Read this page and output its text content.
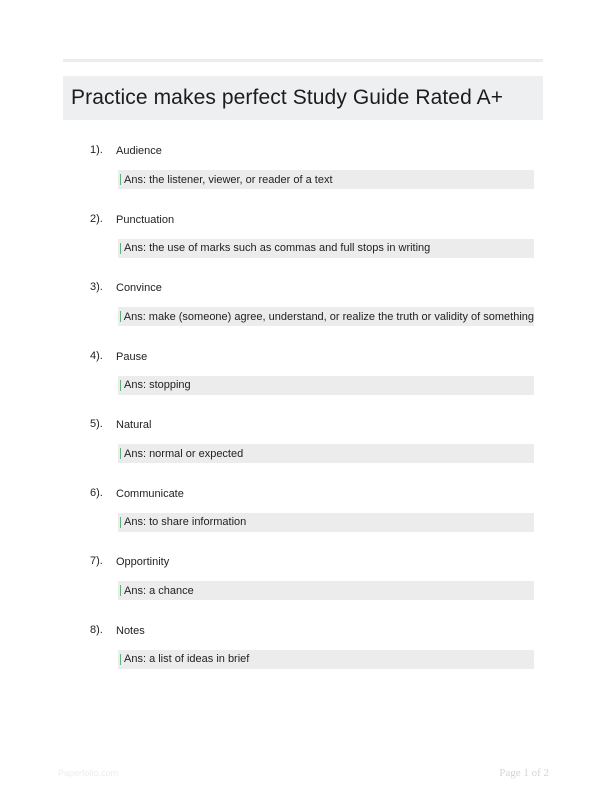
Practice makes perfect Study Guide Rated A+
1). Audience
Ans: the listener, viewer, or reader of a text
2). Punctuation
Ans: the use of marks such as commas and full stops in writing
3). Convince
Ans: make (someone) agree, understand, or realize the truth or validity of something
4). Pause
Ans: stopping
5). Natural
Ans: normal or expected
6). Communicate
Ans: to share information
7). Opportinity
Ans: a chance
8). Notes
Ans: a list of ideas in brief
Paperfolio.com	Page 1 of 2
